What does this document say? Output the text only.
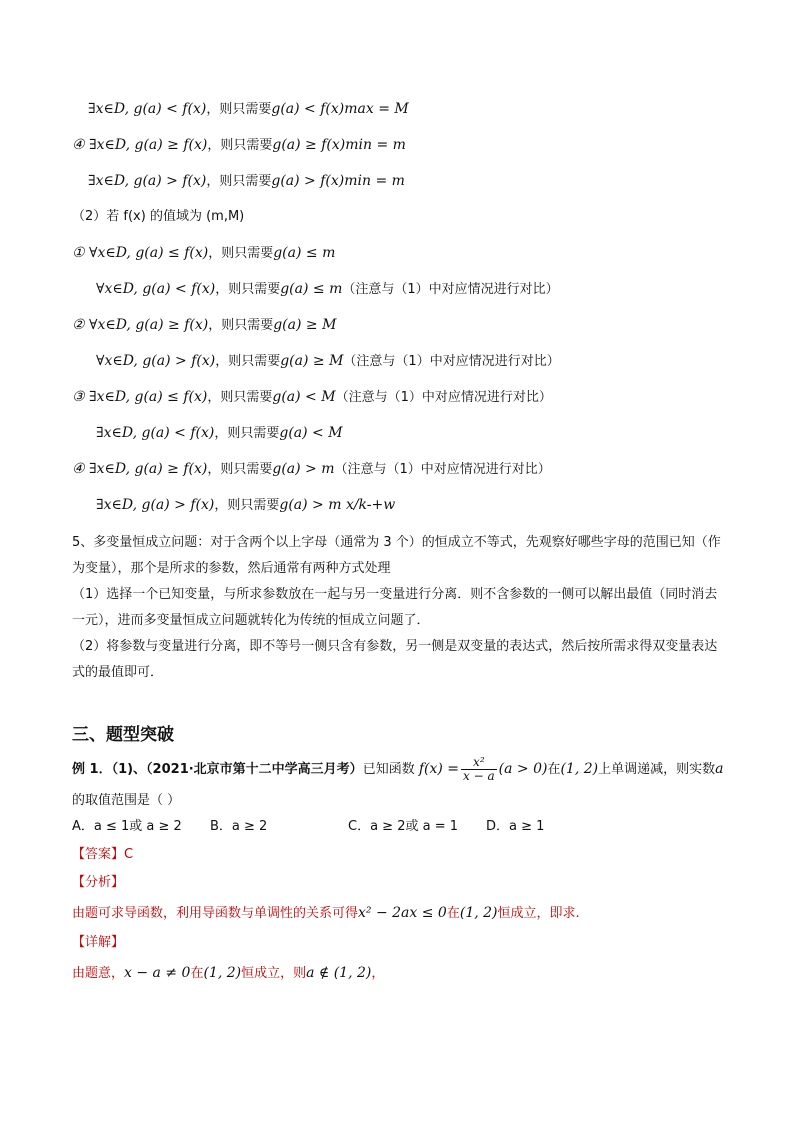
∃x∈D, g(a) < f(x)，则只需要g(a) < f(x)max = M
④ ∃x∈D, g(a) ≥ f(x)，则只需要g(a) ≥ f(x)min = m
∃x∈D, g(a) > f(x)，则只需要g(a) > f(x)min = m
（2）若 f(x) 的值域为 (m,M)
① ∀x∈D, g(a) ≤ f(x)，则只需要g(a) ≤ m
∀x∈D, g(a) < f(x)，则只需要g(a) ≤ m（注意与（1）中对应情况进行对比）
② ∀x∈D, g(a) ≥ f(x)，则只需要g(a) ≥ M
∀x∈D, g(a) > f(x)，则只需要g(a) ≥ M（注意与（1）中对应情况进行对比）
③ ∃x∈D, g(a) ≤ f(x)，则只需要g(a) < M（注意与（1）中对应情况进行对比）
∃x∈D, g(a) < f(x)，则只需要g(a) < M
④ ∃x∈D, g(a) ≥ f(x)，则只需要g(a) > m（注意与（1）中对应情况进行对比）
∃x∈D, g(a) > f(x)，则只需要g(a) > m x/k-+w
5、多变量恒成立问题：对于含两个以上字母（通常为 3 个）的恒成立不等式，先观察好哪些字母的范围已知（作为变量），那个是所求的参数，然后通常有两种方式处理
（1）选择一个已知变量，与所求参数放在一起与另一变量进行分离．则不含参数的一侧可以解出最值（同时消去一元），进而多变量恒成立问题就转化为传统的恒成立问题了．
（2）将参数与变量进行分离，即不等号一侧只含有参数，另一侧是双变量的表达式，然后按所需求得双变量表达式的最值即可．
三、题型突破
例 1．（1)、（2021·北京市第十二中学高三月考）已知函数 $f(x) = \frac{\text{x²}}{x - a} (a > 0)$在(1, 2)上单调递减，则实数a
的取值范围是（ ）
A．a ≤ 1或 a ≥ 2 B．a ≥ 2	C．a ≥ 2或 a = 1 D．a ≥ 1
【答案】C
【分析】
由题可求导函数，利用导函数与单调性的关系可得x² − 2ax ≤ 0在(1, 2)恒成立，即求.
【详解】
由题意，x − a ≠ 0在(1, 2)恒成立，则a ∉ (1, 2)，
